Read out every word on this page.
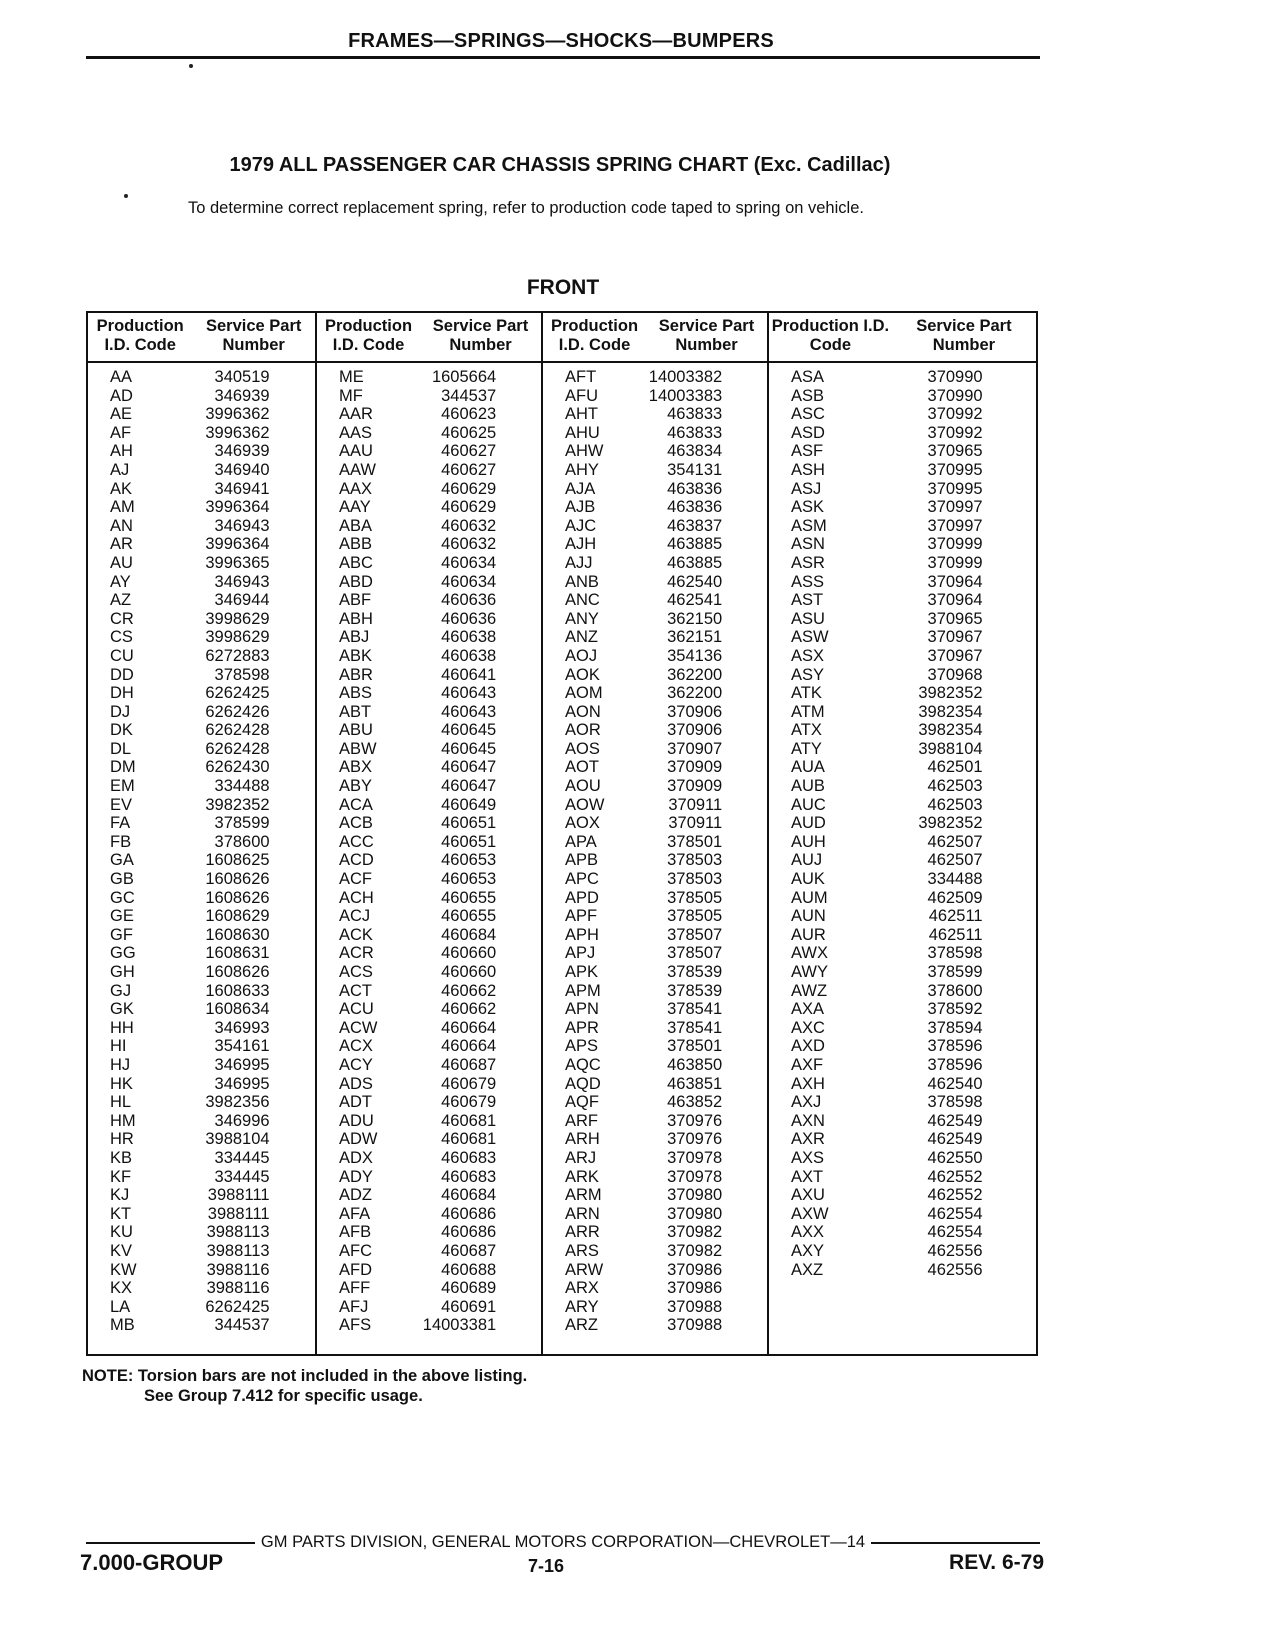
FRAMES—SPRINGS—SHOCKS—BUMPERS
1979 ALL PASSENGER CAR CHASSIS SPRING CHART (Exc. Cadillac)
To determine correct replacement spring, refer to production code taped to spring on vehicle.
FRONT
Production I.D. Code
Service Part Number
AA	340519
AD	346939
AE	3996362
AF	3996362
AH	346939
AJ	346940
AK	346941
AM	3996364
AN	346943
AR	3996364
AU	3996365
AY	346943
AZ	346944
CR	3998629
CS	3998629
CU	6272883
DD	378598
DH	6262425
DJ	6262426
DK	6262428
DL	6262428
DM	6262430
EM	334488
EV	3982352
FA	378599
FB	378600
GA	1608625
GB	1608626
GC	1608626
GE	1608629
GF	1608630
GG	1608631
GH	1608626
GJ	1608633
GK	1608634
HH	346993
HI	354161
HJ	346995
HK	346995
HL	3982356
HM	346996
HR	3988104
KB	334445
KF	334445
KJ	3988111
KT	3988111
KU	3988113
KV	3988113
KW	3988116
KX	3988116
LA	6262425
MB	344537
Production I.D. Code
Service Part Number
ME	1605664
MF	344537
AAR	460623
AAS	460625
AAU	460627
AAW	460627
AAX	460629
AAY	460629
ABA	460632
ABB	460632
ABC	460634
ABD	460634
ABF	460636
ABH	460636
ABJ	460638
ABK	460638
ABR	460641
ABS	460643
ABT	460643
ABU	460645
ABW	460645
ABX	460647
ABY	460647
ACA	460649
ACB	460651
ACC	460651
ACD	460653
ACF	460653
ACH	460655
ACJ	460655
ACK	460684
ACR	460660
ACS	460660
ACT	460662
ACU	460662
ACW	460664
ACX	460664
ACY	460687
ADS	460679
ADT	460679
ADU	460681
ADW	460681
ADX	460683
ADY	460683
ADZ	460684
AFA	460686
AFB	460686
AFC	460687
AFD	460688
AFF	460689
AFJ	460691
AFS	14003381
Production I.D. Code
Service Part Number
AFT	14003382
AFU	14003383
AHT	463833
AHU	463833
AHW	463834
AHY	354131
AJA	463836
AJB	463836
AJC	463837
AJH	463885
AJJ	463885
ANB	462540
ANC	462541
ANY	362150
ANZ	362151
AOJ	354136
AOK	362200
AOM	362200
AON	370906
AOR	370906
AOS	370907
AOT	370909
AOU	370909
AOW	370911
AOX	370911
APA	378501
APB	378503
APC	378503
APD	378505
APF	378505
APH	378507
APJ	378507
APK	378539
APM	378539
APN	378541
APR	378541
APS	378501
AQC	463850
AQD	463851
AQF	463852
ARF	370976
ARH	370976
ARJ	370978
ARK	370978
ARM	370980
ARN	370980
ARR	370982
ARS	370982
ARW	370986
ARX	370986
ARY	370988
ARZ	370988
Production I.D. Code
Service Part Number
ASA	370990
ASB	370990
ASC	370992
ASD	370992
ASF	370965
ASH	370995
ASJ	370995
ASK	370997
ASM	370997
ASN	370999
ASR	370999
ASS	370964
AST	370964
ASU	370965
ASW	370967
ASX	370967
ASY	370968
ATK	3982352
ATM	3982354
ATX	3982354
ATY	3988104
AUA	462501
AUB	462503
AUC	462503
AUD	3982352
AUH	462507
AUJ	462507
AUK	334488
AUM	462509
AUN	462511
AUR	462511
AWX	378598
AWY	378599
AWZ	378600
AXA	378592
AXC	378594
AXD	378596
AXF	378596
AXH	462540
AXJ	378598
AXN	462549
AXR	462549
AXS	462550
AXT	462552
AXU	462552
AXW	462554
AXX	462554
AXY	462556
AXZ	462556
NOTE: Torsion bars are not included in the above listing.
See Group 7.412 for specific usage.
GM PARTS DIVISION, GENERAL MOTORS CORPORATION—CHEVROLET—14
7.000-GROUP	7-16	REV. 6-79
